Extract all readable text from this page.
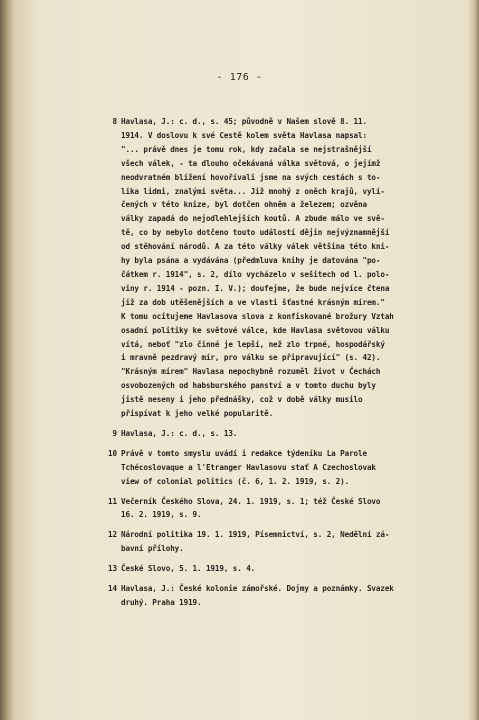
- 176 -
8 Havlasa, J.: c. d., s. 45; původně v Našem slově 8. 11.
1914. V doslovu k své Cestě kolem světa Havlasa napsal:
"... právě dnes je tomu rok, kdy začala se nejstrašnější
všech válek, - ta dlouho očekávaná válka světová, o jejímž
neodvratném blížení hovořívali jsme na svých cestách s to-
lika lidmi, znalými světa... Již mnohý z oněch krajů, vylí-
čených v této knize, byl dotčen ohněm a železem; ozvěna
války zapadá do nejodlehlejších koutů. A zbude málo ve svě-
tě, co by nebylo dotčeno touto událostí dějin nejvýznamnější
od stěhování národů. A za této války válek většina této kni-
hy byla psána a vydávána (předmluva knihy je datována "po-
čátkem r. 1914", s. 2, dílo vycházelo v sešitech od l. polo-
viny r. 1914 - pozn. I. V.); doufejme, že bude nejvíce čtena
již za dob utěšenějších a ve vlasti šťastné krásným mírem."
K tomu ocitujeme Havlasova slova z konfiskované brožury Vztah
osadní politiky ke světové válce, kde Havlasa světovou válku
vítá, neboť "zlo činné je lepší, než zlo trpné, hospodářský
i mravně pezdravý mír, pro válku se připravující" (s. 42).
"Krásným mírem" Havlasa nepochybně rozuměl život v Čechách
osvobozených od habsburského panství a v tomto duchu byly
jistě neseny i jeho přednášky, což v době války musilo
přispívat k jeho velké popularitě.
9 Havlasa, J.: c. d., s. 13.
10 Právě v tomto smyslu uvádí i redakce týdeníku La Parole
Tchécoslovaque a l'Etranger Havlasovu stať A Czechoslovak
view of colonial politics (č. 6, 1. 2. 1919, s. 2).
11 Večerník Českého Slova, 24. 1. 1919, s. 1; též České Slovo
16. 2. 1919, s. 9.
12 Národní politika 19. 1. 1919, Písemnictví, s. 2, Nedělní zá-
bavní přílohy.
13 České Slovo, 5. 1. 1919, s. 4.
14 Havlasa, J.: České kolonie zámořské. Dojmy a poznámky. Svazek
druhý. Praha 1919.
